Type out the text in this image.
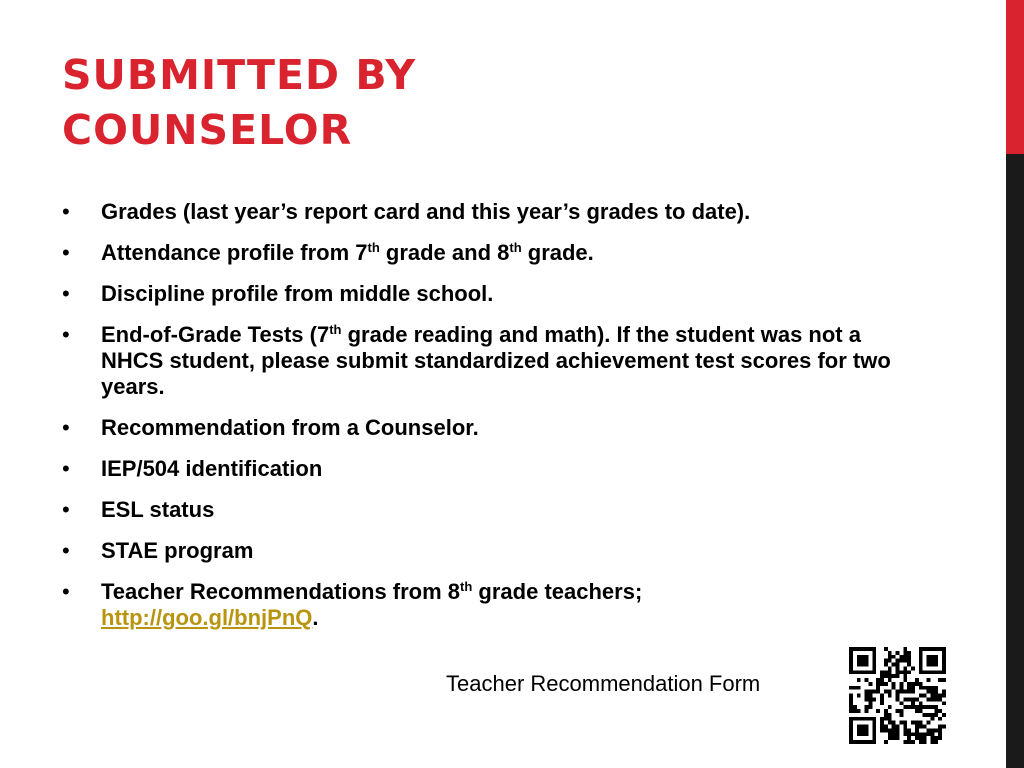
SUBMITTED BY
COUNSELOR
• Grades (last year’s report card and this year’s grades to date).
• Attendance profile from 7th grade and 8th grade.
• Discipline profile from middle school.
• End-of-Grade Tests (7th grade reading and math). If the student was not a NHCS student, please submit standardized achievement test scores for two years.
• Recommendation from a Counselor.
• IEP/504 identification
• ESL status
• STAE program
• Teacher Recommendations from 8th grade teachers;
http://goo.gl/bnjPnQ.

Teacher Recommendation Form
